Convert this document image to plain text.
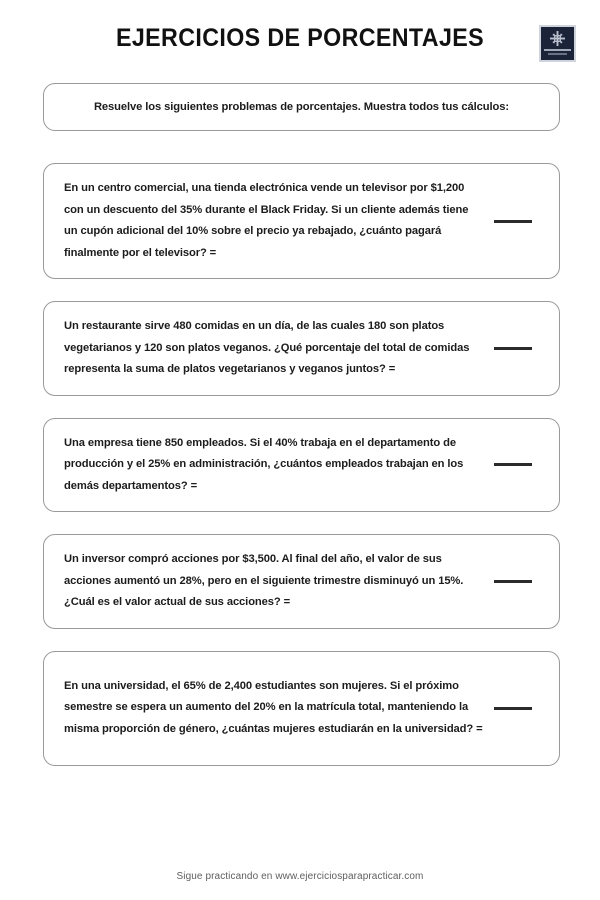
EJERCICIOS DE PORCENTAJES
Resuelve los siguientes problemas de porcentajes. Muestra todos tus cálculos:
En un centro comercial, una tienda electrónica vende un televisor por $1,200 con un descuento del 35% durante el Black Friday. Si un cliente además tiene un cupón adicional del 10% sobre el precio ya rebajado, ¿cuánto pagará finalmente por el televisor? =
Un restaurante sirve 480 comidas en un día, de las cuales 180 son platos vegetarianos y 120 son platos veganos. ¿Qué porcentaje del total de comidas representa la suma de platos vegetarianos y veganos juntos? =
Una empresa tiene 850 empleados. Si el 40% trabaja en el departamento de producción y el 25% en administración, ¿cuántos empleados trabajan en los demás departamentos? =
Un inversor compró acciones por $3,500. Al final del año, el valor de sus acciones aumentó un 28%, pero en el siguiente trimestre disminuyó un 15%. ¿Cuál es el valor actual de sus acciones? =
En una universidad, el 65% de 2,400 estudiantes son mujeres. Si el próximo semestre se espera un aumento del 20% en la matrícula total, manteniendo la misma proporción de género, ¿cuántas mujeres estudiarán en la universidad? =
Sigue practicando en www.ejerciciosparapracticar.com
